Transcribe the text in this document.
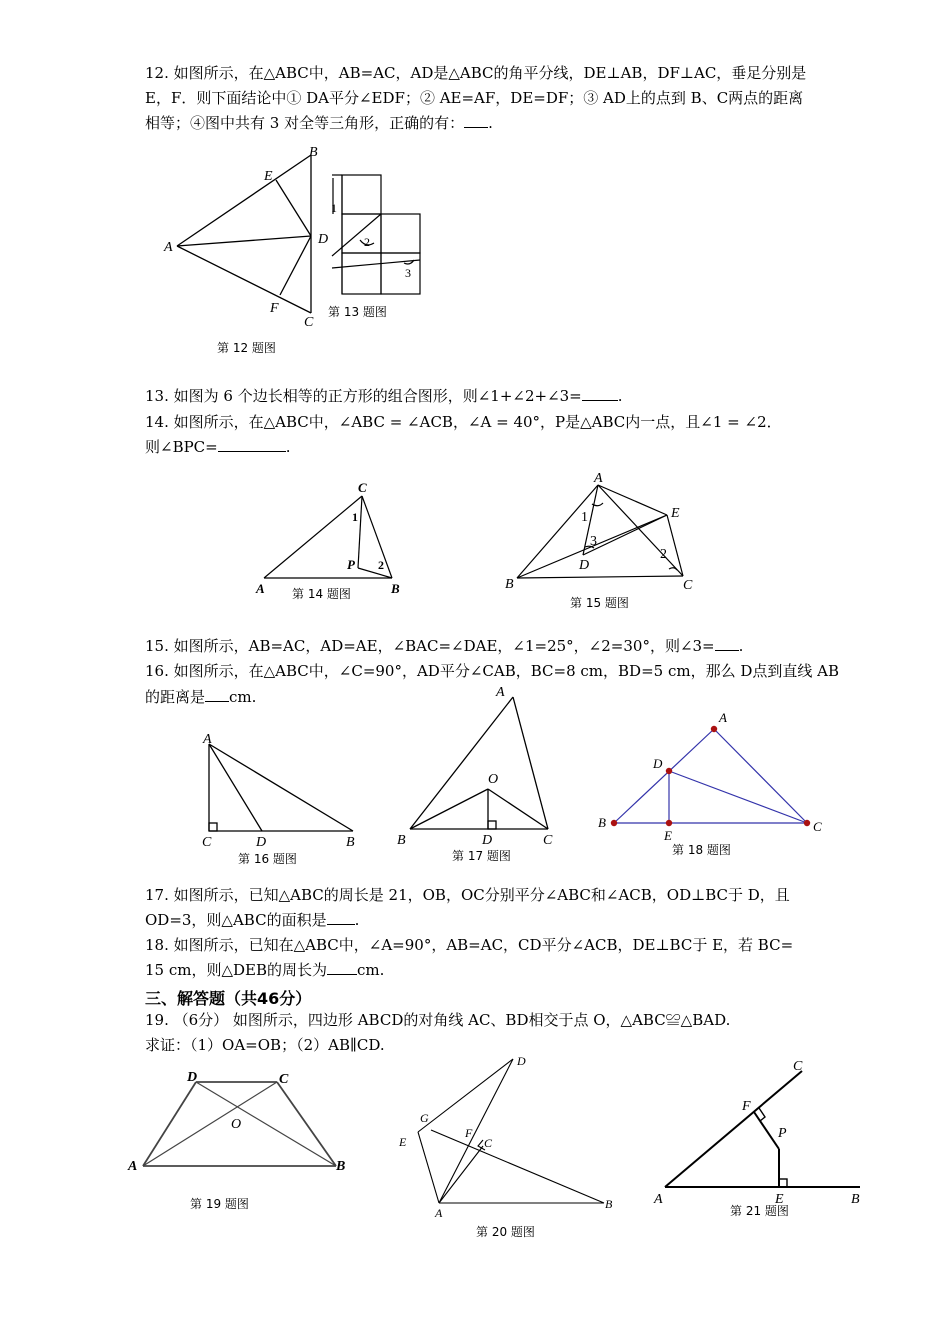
12. 如图所示，在△ABC中，AB=AC，AD是△ABC的角平分线，DE⊥AB，DF⊥AC，垂足分别是
E，F．则下面结论中① DA平分∠EDF；② AE=AF，DE=DF；③ AD上的点到 B、C两点的距离
相等；④图中共有 3 对全等三角形，正确的有： .
A
B
C
D
E
F
1
2
3
第 13 题图
第 12 题图
13. 如图为 6 个边长相等的正方形的组合图形，则∠1+∠2+∠3= .
14. 如图所示，在△ABC中，∠ABC = ∠ACB，∠A = 40°，P是△ABC内一点，且∠1 = ∠2．
则∠BPC=	.
C
A	B
P
1
2
第 14 题图
A
B	C
D
E
1
2
3
第 15 题图
15. 如图所示，AB=AC，AD=AE，∠BAC=∠DAE，∠1=25°，∠2=30°，则∠3= .
16. 如图所示，在△ABC中，∠C=90°，AD平分∠CAB，BC=8 cm，BD=5 cm，那么 D点到直线 AB
的距离是 cm.
A
C	D	B
第 16 题图
A
B	C
D
O
第 17 题图
A
B	C
D
E
第 18 题图
17. 如图所示，已知△ABC的周长是 21，OB，OC分别平分∠ABC和∠ACB，OD⊥BC于 D，且
OD=3，则△ABC的面积是 .
18. 如图所示，已知在△ABC中，∠A=90°，AB=AC，CD平分∠ACB，DE⊥BC于 E，若 BC=
15 cm，则△DEB的周长为 cm.
三、解答题（共46分）
19. （6分） 如图所示，四边形 ABCD的对角线 AC、BD相交于点 O，△ABC≌△BAD.
求证：（1）OA=OB；（2）AB∥CD.
D	C
A	B
O
第 19 题图
D
G
E
F
C
A
B
第 20 题图
C
F
P
A	E	B
第 21 题图
